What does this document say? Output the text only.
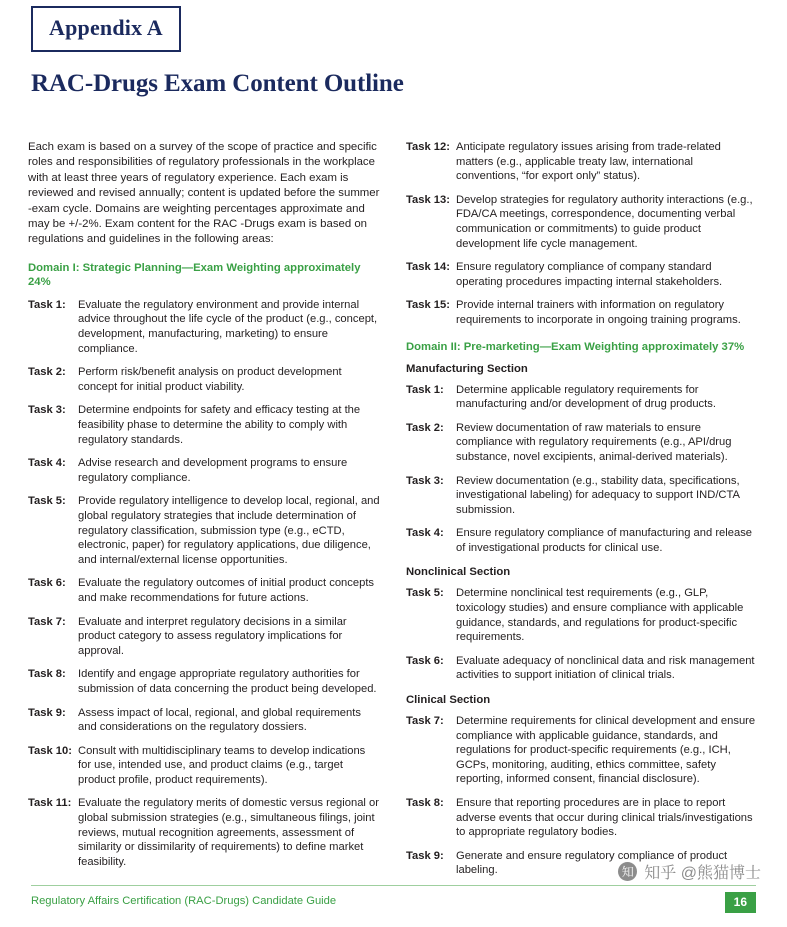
Appendix A
RAC-Drugs Exam Content Outline
Each exam is based on a survey of the scope of practice and specific roles and responsibilities of regulatory professionals in the workplace with at least three years of regulatory experience. Each exam is reviewed and revised annually; content is updated before the summer -exam cycle. Domains are weighting percentages approximate and may be +/-2%. Exam content for the RAC -Drugs exam is based on regulations and guidelines in the following areas:
Domain I: Strategic Planning—Exam Weighting approximately 24%
Task 1:	Evaluate the regulatory environment and provide internal advice throughout the life cycle of the product (e.g., concept, development, manufacturing, marketing) to ensure compliance.
Task 2:	Perform risk/benefit analysis on product development concept for initial product viability.
Task 3:	Determine endpoints for safety and efficacy testing at the feasibility phase to determine the ability to comply with regulatory standards.
Task 4:	Advise research and development programs to ensure regulatory compliance.
Task 5:	Provide regulatory intelligence to develop local, regional, and global regulatory strategies that include determination of regulatory classification, submission type (e.g., eCTD, electronic, paper) for regulatory applications, due diligence, and internal/external license opportunities.
Task 6:	Evaluate the regulatory outcomes of initial product concepts and make recommendations for future actions.
Task 7:	Evaluate and interpret regulatory decisions in a similar product category to assess regulatory implications for approval.
Task 8:	Identify and engage appropriate regulatory authorities for submission of data concerning the product being developed.
Task 9:	Assess impact of local, regional, and global requirements and considerations on the regulatory dossiers.
Task 10: Consult with multidisciplinary teams to develop indications for use, intended use, and product claims (e.g., target product profile, product requirements).
Task 11: Evaluate the regulatory merits of domestic versus regional or global submission strategies (e.g., simultaneous filings, joint reviews, mutual recognition agreements, assessment of similarity or dissimilarity of requirements) to define market feasibility.
Task 12: Anticipate regulatory issues arising from trade-related matters (e.g., applicable treaty law, international conventions, “for export only” status).
Task 13: Develop strategies for regulatory authority interactions (e.g., FDA/CA meetings, correspondence, documenting verbal communication or commitments) to guide product development life cycle management.
Task 14: Ensure regulatory compliance of company standard operating procedures impacting internal stakeholders.
Task 15: Provide internal trainers with information on regulatory requirements to incorporate in ongoing training programs.
Domain II: Pre-marketing—Exam Weighting approximately 37%
Manufacturing Section
Task 1:	Determine applicable regulatory requirements for manufacturing and/or development of drug products.
Task 2:	Review documentation of raw materials to ensure compliance with regulatory requirements (e.g., API/drug substance, novel excipients, animal-derived materials).
Task 3:	Review documentation (e.g., stability data, specifications, investigational labeling) for adequacy to support IND/CTA submission.
Task 4:	Ensure regulatory compliance of manufacturing and release of investigational products for clinical use.
Nonclinical Section
Task 5:	Determine nonclinical test requirements (e.g., GLP, toxicology studies) and ensure compliance with applicable guidance, standards, and regulations for product-specific requirements.
Task 6:	Evaluate adequacy of nonclinical data and risk management activities to support initiation of clinical trials.
Clinical Section
Task 7:	Determine requirements for clinical development and ensure compliance with applicable guidance, standards, and regulations for product-specific requirements (e.g., ICH, GCPs, monitoring, auditing, ethics committee, safety reporting, informed consent, financial disclosure).
Task 8:	Ensure that reporting procedures are in place to report adverse events that occur during clinical trials/investigations to appropriate regulatory bodies.
Task 9:	Generate and ensure regulatory compliance of product labeling.	知 知乎 @熊猫博士
Regulatory Affairs Certification (RAC-Drugs) Candidate Guide	16
